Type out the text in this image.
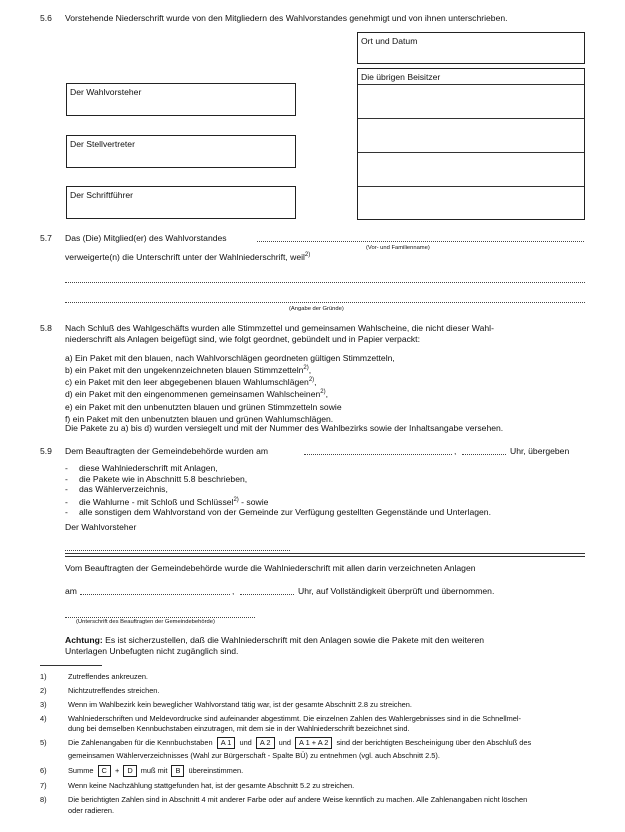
5.6 Vorstehende Niederschrift wurde von den Mitgliedern des Wahlvorstandes genehmigt und von ihnen unterschrieben.
Ort und Datum
Die übrigen Beisitzer
Der Wahlvorsteher
Der Stellvertreter
Der Schriftführer
5.7 Das (Die) Mitglied(er) des Wahlvorstandes
(Vor- und Familienname)
verweigerte(n) die Unterschrift unter der Wahlniederschrift, weil$^{2)}$
(Angabe der Gründe)
5.8 Nach Schluß des Wahlgeschäfts wurden alle Stimmzettel und gemeinsamen Wahlscheine, die nicht dieser Wahl-
niederschrift als Anlagen beigefügt sind, wie folgt geordnet, gebündelt und in Papier verpackt:
a) Ein Paket mit den blauen, nach Wahlvorschlägen geordneten gültigen Stimmzetteln,
b) ein Paket mit den ungekennzeichneten blauen Stimmzetteln$^{2)}$,
c) ein Paket mit den leer abgegebenen blauen Wahlumschlägen$^{2)}$,
d) ein Paket mit den eingenommenen gemeinsamen Wahlscheinen$^{2)}$,
e) ein Paket mit den unbenutzten blauen und grünen Stimmzetteln sowie
f) ein Paket mit den unbenutzten blauen und grünen Wahlumschlägen.
Die Pakete zu a) bis d) wurden versiegelt und mit der Nummer des Wahlbezirks sowie der Inhaltsangabe versehen.
5.9 Dem Beauftragten der Gemeindebehörde wurden am	,	Uhr, übergeben
- diese Wahlniederschrift mit Anlagen,
- die Pakete wie in Abschnitt 5.8 beschrieben,
- das Wählerverzeichnis,
- die Wahlurne - mit Schloß und Schlüssel$^{2)}$ - sowie
- alle sonstigen dem Wahlvorstand von der Gemeinde zur Verfügung gestellten Gegenstände und Unterlagen.
Der Wahlvorsteher
Vom Beauftragten der Gemeindebehörde wurde die Wahlniederschrift mit allen darin verzeichneten Anlagen
am	,	Uhr, auf Vollständigkeit überprüft und übernommen.
(Unterschrift des Beauftragten der Gemeindebehörde)
Achtung: Es ist sicherzustellen, daß die Wahlniederschrift mit den Anlagen sowie die Pakete mit den weiteren
Unterlagen Unbefugten nicht zugänglich sind.
1)	Zutreffendes ankreuzen.
2)	Nichtzutreffendes streichen.
3)	Wenn im Wahlbezirk kein beweglicher Wahlvorstand tätig war, ist der gesamte Abschnitt 2.8 zu streichen.
4)	Wahlniederschriften und Meldevordrucke sind aufeinander abgestimmt. Die einzelnen Zahlen des Wahlergebnisses sind in die Schnellmel-
dung bei demselben Kennbuchstaben einzutragen, mit dem sie in der Wahlniederschrift bezeichnet sind.
5)	Die Zahlenangaben für die Kennbuchstaben A 1 und A 2 und A 1 + A 2 sind der berichtigten Bescheinigung über den Abschluß des
gemeinsamen Wählerverzeichnisses (Wahl zur Bürgerschaft - Spalte BÜ) zu entnehmen (vgl. auch Abschnitt 2.5).
6)	Summe C + D muß mit B übereinstimmen.
7)	Wenn keine Nachzählung stattgefunden hat, ist der gesamte Abschnitt 5.2 zu streichen.
8)	Die berichtigten Zahlen sind in Abschnitt 4 mit anderer Farbe oder auf andere Weise kenntlich zu machen. Alle Zahlenangaben nicht löschen
oder radieren.
